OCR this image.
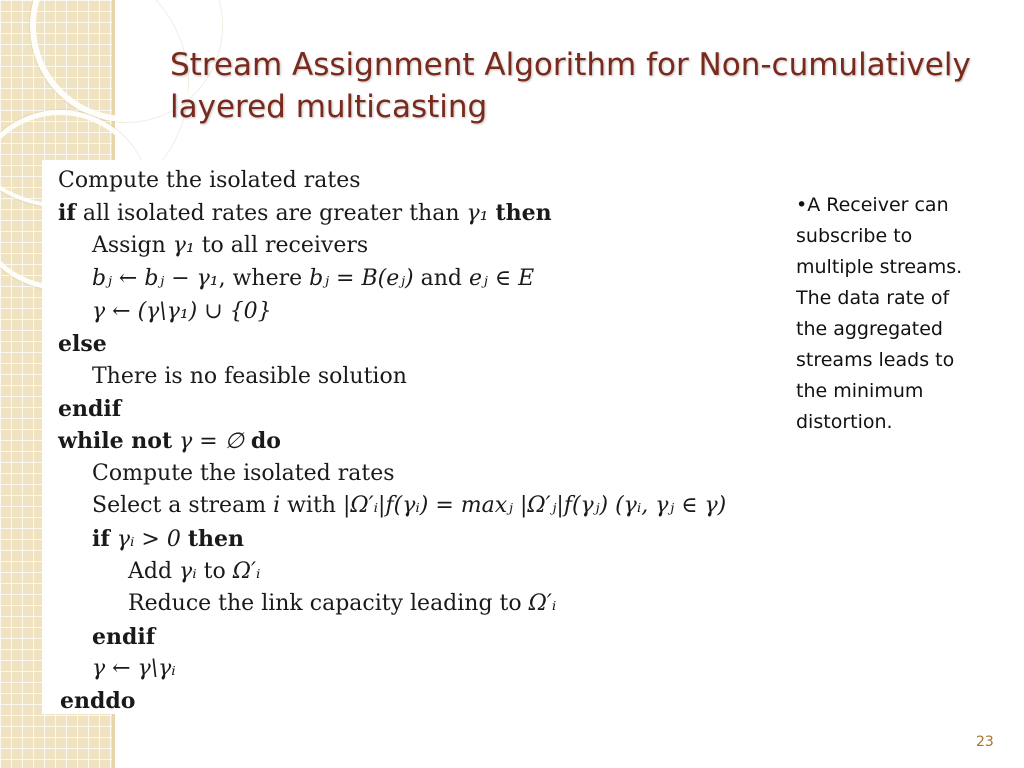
Stream Assignment Algorithm for Non-cumulatively layered multicasting
Compute the isolated rates
if all isolated rates are greater than γ₁ then
Assign γ₁ to all receivers
bⱼ ← bⱼ − γ₁, where bⱼ = B(eⱼ) and eⱼ ∈ E
γ ← (γ\γ₁) ∪ {0}
else
There is no feasible solution
endif
while not γ = ∅ do
Compute the isolated rates
Select a stream i with |Ω′ᵢ|f(γᵢ) = maxⱼ |Ω′ⱼ|f(γⱼ) (γᵢ, γⱼ ∈ γ)
if γᵢ > 0 then
Add γᵢ to Ω′ᵢ
Reduce the link capacity leading to Ω′ᵢ
endif
γ ← γ\γᵢ
enddo
•A Receiver can subscribe to multiple streams. The data rate of the aggregated streams leads to the minimum distortion.
23
